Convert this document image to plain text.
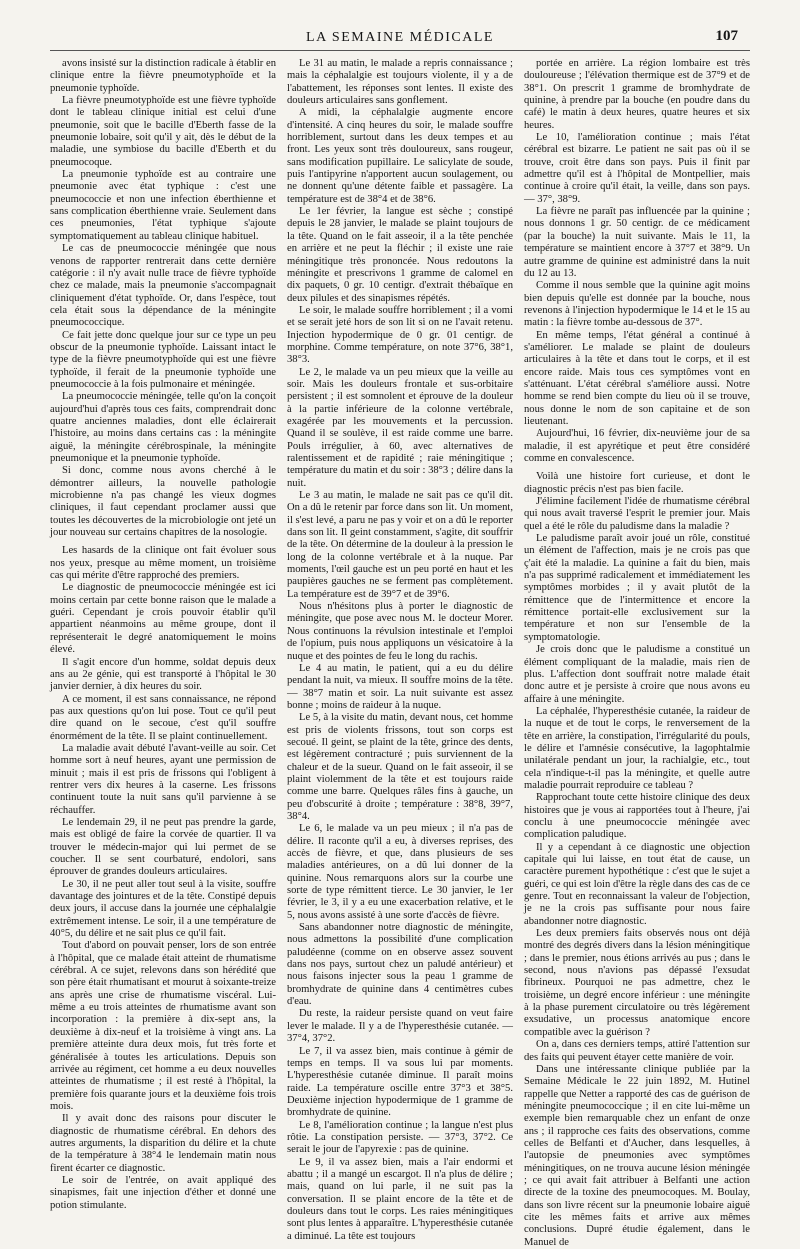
LA SEMAINE MÉDICALE	107

avons insisté sur la distinction radicale à établir en clinique entre la fièvre pneumotyphoïde et la pneumonie typhoïde.

La fièvre pneumotyphoïde est une fièvre typhoïde dont le tableau clinique initial est celui d'une pneumonie, soit que le bacille d'Eberth fasse de la pneumonie lobaire, soit qu'il y ait, dès le début de la maladie, une symbiose du bacille d'Eberth et du pneumocoque.

La pneumonie typhoïde est au contraire une pneumonie avec état typhique : c'est une pneumococcie et non une infection éberthienne et sans complication éberthienne vraie. Seulement dans ces pneumonies, l'état typhique s'ajoute symptomatiquement au tableau clinique habituel.

Le cas de pneumococcie méningée que nous venons de rapporter rentrerait dans cette dernière catégorie : il n'y avait nulle trace de fièvre typhoïde chez ce malade, mais la pneumonie s'accompagnait cliniquement d'état typhoïde. Or, dans l'espèce, tout cela était sous la dépendance de la méningite pneumococcique.

Ce fait jette donc quelque jour sur ce type un peu obscur de la pneumonie typhoïde. Laissant intact le type de la fièvre pneumotyphoïde qui est une fièvre typhoïde, il ferait de la pneumonie typhoïde une pneumococcie à la fois pulmonaire et méningée.

La pneumococcie méningée, telle qu'on la conçoit aujourd'hui d'après tous ces faits, comprendrait donc quatre anciennes maladies, dont elle éclairerait l'histoire, au moins dans certains cas : la méningite aiguë, la méningite cérébrospinale, la méningite pneumonique et la pneumonie typhoïde.

Si donc, comme nous avons cherché à le démontrer ailleurs, la nouvelle pathologie microbienne n'a pas changé les vieux dogmes cliniques, il faut cependant proclamer aussi que toutes les découvertes de la microbiologie ont jeté un jour nouveau sur certains chapitres de la nosologie.

Les hasards de la clinique ont fait évoluer sous nos yeux, presque au même moment, un troisième cas qui mérite d'être rapproché des premiers.

Le diagnostic de pneumococcie méningée est ici moins certain par cette bonne raison que le malade a guéri. Cependant je crois pouvoir établir qu'il appartient néanmoins au même groupe, dont il représenterait le degré anatomiquement le moins élevé.

Il s'agit encore d'un homme, soldat depuis deux ans au 2e génie, qui est transporté à l'hôpital le 30 janvier dernier, à dix heures du soir.

A ce moment, il est sans connaissance, ne répond pas aux questions qu'on lui pose. Tout ce qu'il peut dire quand on le secoue, c'est qu'il souffre énormément de la tête. Il se plaint continuellement.

La maladie avait débuté l'avant-veille au soir. Cet homme sort à neuf heures, ayant une permission de minuit ; mais il est pris de frissons qui l'obligent à rentrer vers dix heures à la caserne. Les frissons continuent toute la nuit sans qu'il parvienne à se réchauffer.

Le lendemain 29, il ne peut pas prendre la garde, mais est obligé de faire la corvée de quartier. Il va trouver le médecin-major qui lui permet de se coucher. Il se sent courbaturé, endolori, sans éprouver de grandes douleurs articulaires.

Le 30, il ne peut aller tout seul à la visite, souffre davantage des jointures et de la tête. Constipé depuis deux jours, il accuse dans la journée une céphalalgie extrêmement intense. Le soir, il a une température de 40°5, du délire et ne sait plus ce qu'il fait.

Tout d'abord on pouvait penser, lors de son entrée à l'hôpital, que ce malade était atteint de rhumatisme cérébral. A ce sujet, relevons dans son hérédité que son père était rhumatisant et mourut à soixante-treize ans après une crise de rhumatisme viscéral. Lui-même a eu trois atteintes de rhumatisme avant son incorporation : la première à dix-sept ans, la deuxième à dix-neuf et la troisième à vingt ans. La première atteinte dura deux mois, fut très forte et généralisée à toutes les articulations. Depuis son arrivée au régiment, cet homme a eu deux nouvelles atteintes de rhumatisme ; il est resté à l'hôpital, la première fois quarante jours et la deuxième fois trois mois.

Il y avait donc des raisons pour discuter le diagnostic de rhumatisme cérébral. En dehors des autres arguments, la disparition du délire et la chute de la température à 38°4 le lendemain matin nous firent écarter ce diagnostic.

Le soir de l'entrée, on avait appliqué des sinapismes, fait une injection d'éther et donné une potion stimulante.

Le 31 au matin, le malade a repris connaissance ; mais la céphalalgie est toujours violente, il y a de l'abattement, les réponses sont lentes. Il existe des douleurs articulaires sans gonflement.

A midi, la céphalalgie augmente encore d'intensité. A cinq heures du soir, le malade souffre horriblement, surtout dans les deux tempes et au front. Les yeux sont très douloureux, sans rougeur, sans modification pupillaire. Le salicylate de soude, puis l'antipyrine n'apportent aucun soulagement, ou ne donnent qu'une détente faible et passagère. La température est de 38°4 et de 38°6.

Le 1er février, la langue est sèche ; constipé depuis le 28 janvier, le malade se plaint toujours de la tête. Quand on le fait asseoir, il a la tête penchée en arrière et ne peut la fléchir ; il existe une raie méningitique très prononcée. Nous redoutons la méningite et prescrivons 1 gramme de calomel en dix paquets, 0 gr. 10 centigr. d'extrait thébaïque en deux pilules et des sinapismes répétés.

Le soir, le malade souffre horriblement ; il a vomi et se serait jeté hors de son lit si on ne l'avait retenu. Injection hypodermique de 0 gr. 01 centigr. de morphine. Comme température, on note 37°6, 38°1, 38°3.

Le 2, le malade va un peu mieux que la veille au soir. Mais les douleurs frontale et sus-orbitaire persistent ; il est somnolent et éprouve de la douleur à la partie inférieure de la colonne vertébrale, exagérée par les mouvements et la percussion. Quand il se soulève, il est raide comme une barre. Pouls irrégulier, à 60, avec alternatives de ralentissement et de rapidité ; raie méningitique ; température du matin et du soir : 38°3 ; délire dans la nuit.

Le 3 au matin, le malade ne sait pas ce qu'il dit. On a dû le retenir par force dans son lit. Un moment, il s'est levé, a paru ne pas y voir et on a dû le reporter dans son lit. Il geint constamment, s'agite, dit souffrir de la tête. On détermine de la douleur à la pression le long de la colonne vertébrale et à la nuque. Par moments, l'œil gauche est un peu porté en haut et les paupières gauches ne se ferment pas complètement. La température est de 39°7 et de 39°6.

Nous n'hésitons plus à porter le diagnostic de méningite, que pose avec nous M. le docteur Morer. Nous continuons la révulsion intestinale et l'emploi de l'opium, puis nous appliquons un vésicatoire à la nuque et des pointes de feu le long du rachis.

Le 4 au matin, le patient, qui a eu du délire pendant la nuit, va mieux. Il souffre moins de la tête. — 38°7 matin et soir. La nuit suivante est assez bonne ; moins de raideur à la nuque.

Le 5, à la visite du matin, devant nous, cet homme est pris de violents frissons, tout son corps est secoué. Il geint, se plaint de la tête, grince des dents, est légèrement contracturé ; puis surviennent de la chaleur et de la sueur. Quand on le fait asseoir, il se plaint violemment de la tête et est toujours raide comme une barre. Quelques râles fins à gauche, un peu d'obscurité à droite ; température : 38°8, 39°7, 38°4.

Le 6, le malade va un peu mieux ; il n'a pas de délire. Il raconte qu'il a eu, à diverses reprises, des accès de fièvre, et que, dans plusieurs de ses maladies antérieures, on a dû lui donner de la quinine. Nous remarquons alors sur la courbe une sorte de type rémittent tierce. Le 30 janvier, le 1er février, le 3, il y a eu une exacerbation relative, et le 5, nous avons assisté à une sorte d'accès de fièvre.

Sans abandonner notre diagnostic de méningite, nous admettons la possibilité d'une complication paludéenne (comme on en observe assez souvent dans nos pays, surtout chez un paludé antérieur) et nous faisons injecter sous la peau 1 gramme de bromhydrate de quinine dans 4 centimètres cubes d'eau.

Du reste, la raideur persiste quand on veut faire lever le malade. Il y a de l'hyperesthésie cutanée. — 37°4, 37°2.

Le 7, il va assez bien, mais continue à gémir de temps en temps. Il va sous lui par moments. L'hyperesthésie cutanée diminue. Il paraît moins raide. La température oscille entre 37°3 et 38°5. Deuxième injection hypodermique de 1 gramme de bromhydrate de quinine.

Le 8, l'amélioration continue ; la langue n'est plus rôtie. La constipation persiste. — 37°3, 37°2. Ce serait le jour de l'apyrexie : pas de quinine.

Le 9, il va assez bien, mais a l'air endormi et abattu ; il a mangé un escargot. Il n'a plus de délire ; mais, quand on lui parle, il ne suit pas la conversation. Il se plaint encore de la tête et de douleurs dans tout le corps. Les raies méningitiques sont plus lentes à apparaître. L'hyperesthésie cutanée a diminué. La tête est toujours

portée en arrière. La région lombaire est très douloureuse ; l'élévation thermique est de 37°9 et de 38°1. On prescrit 1 gramme de bromhydrate de quinine, à prendre par la bouche (en poudre dans du café) le matin à deux heures, quatre heures et six heures.

Le 10, l'amélioration continue ; mais l'état cérébral est bizarre. Le patient ne sait pas où il se trouve, croit être dans son pays. Puis il finit par admettre qu'il est à l'hôpital de Montpellier, mais continue à croire qu'il était, la veille, dans son pays. — 37°, 38°9.

La fièvre ne paraît pas influencée par la quinine ; nous donnons 1 gr. 50 centigr. de ce médicament (par la bouche) la nuit suivante. Mais le 11, la température se maintient encore à 37°7 et 38°9. Un autre gramme de quinine est administré dans la nuit du 12 au 13.

Comme il nous semble que la quinine agit moins bien depuis qu'elle est donnée par la bouche, nous revenons à l'injection hypodermique le 14 et le 15 au matin : la fièvre tombe au-dessous de 37°.

En même temps, l'état général a continué à s'améliorer. Le malade se plaint de douleurs articulaires à la tête et dans tout le corps, et il est encore raide. Mais tous ces symptômes vont en s'atténuant. L'état cérébral s'améliore aussi. Notre homme se rend bien compte du lieu où il se trouve, nous donne le nom de son capitaine et de son lieutenant.

Aujourd'hui, 16 février, dix-neuvième jour de sa maladie, il est apyrétique et peut être considéré comme en convalescence.

Voilà une histoire fort curieuse, et dont le diagnostic précis n'est pas bien facile.

J'élimine facilement l'idée de rhumatisme cérébral qui nous avait traversé l'esprit le premier jour. Mais quel a été le rôle du paludisme dans la maladie ?

Le paludisme paraît avoir joué un rôle, constitué un élément de l'affection, mais je ne crois pas que ç'ait été la maladie. La quinine a fait du bien, mais n'a pas supprimé radicalement et immédiatement les symptômes morbides ; il y avait plutôt de la rémittence que de l'intermittence et encore la rémittence portait-elle exclusivement sur la température et non sur l'ensemble de la symptomatologie.

Je crois donc que le paludisme a constitué un élément compliquant de la maladie, mais rien de plus. L'affection dont souffrait notre malade était donc autre et je persiste à croire que nous avons eu affaire à une méningite.

La céphalée, l'hyperesthésie cutanée, la raideur de la nuque et de tout le corps, le renversement de la tête en arrière, la constipation, l'irrégularité du pouls, le délire et l'amnésie consécutive, la lagophtalmie unilatérale pendant un jour, la rachialgie, etc., tout cela n'indique-t-il pas la méningite, et quelle autre maladie pourrait reproduire ce tableau ?

Rapprochant toute cette histoire clinique des deux histoires que je vous ai rapportées tout à l'heure, j'ai conclu à une pneumococcie méningée avec complication paludique.

Il y a cependant à ce diagnostic une objection capitale qui lui laisse, en tout état de cause, un caractère purement hypothétique : c'est que le sujet a guéri, ce qui est loin d'être la règle dans des cas de ce genre. Tout en reconnaissant la valeur de l'objection, je ne la crois pas suffisante pour nous faire abandonner notre diagnostic.

Les deux premiers faits observés nous ont déjà montré des degrés divers dans la lésion méningitique ; dans le premier, nous étions arrivés au pus ; dans le second, nous n'avions pas dépassé l'exsudat fibrineux. Pourquoi ne pas admettre, chez le troisième, un degré encore inférieur : une méningite à la phase purement circulatoire ou très légèrement exsudative, un processus anatomique encore compatible avec la guérison ?

On a, dans ces derniers temps, attiré l'attention sur des faits qui peuvent étayer cette manière de voir.

Dans une intéressante clinique publiée par la Semaine Médicale le 22 juin 1892, M. Hutinel rappelle que Netter a rapporté des cas de guérison de méningite pneumococcique ; il en cite lui-même un exemple bien remarquable chez un enfant de onze ans ; il rapproche ces faits des observations, comme celles de Belfanti et d'Aucher, dans lesquelles, à l'autopsie de pneumonies avec symptômes méningitiques, on ne trouva aucune lésion méningée ; ce qui avait fait attribuer à Belfanti une action directe de la toxine des pneumocoques. M. Boulay, dans son livre récent sur la pneumonie lobaire aiguë cite les mêmes faits et arrive aux mêmes conclusions. Dupré étudie également, dans le Manuel de
